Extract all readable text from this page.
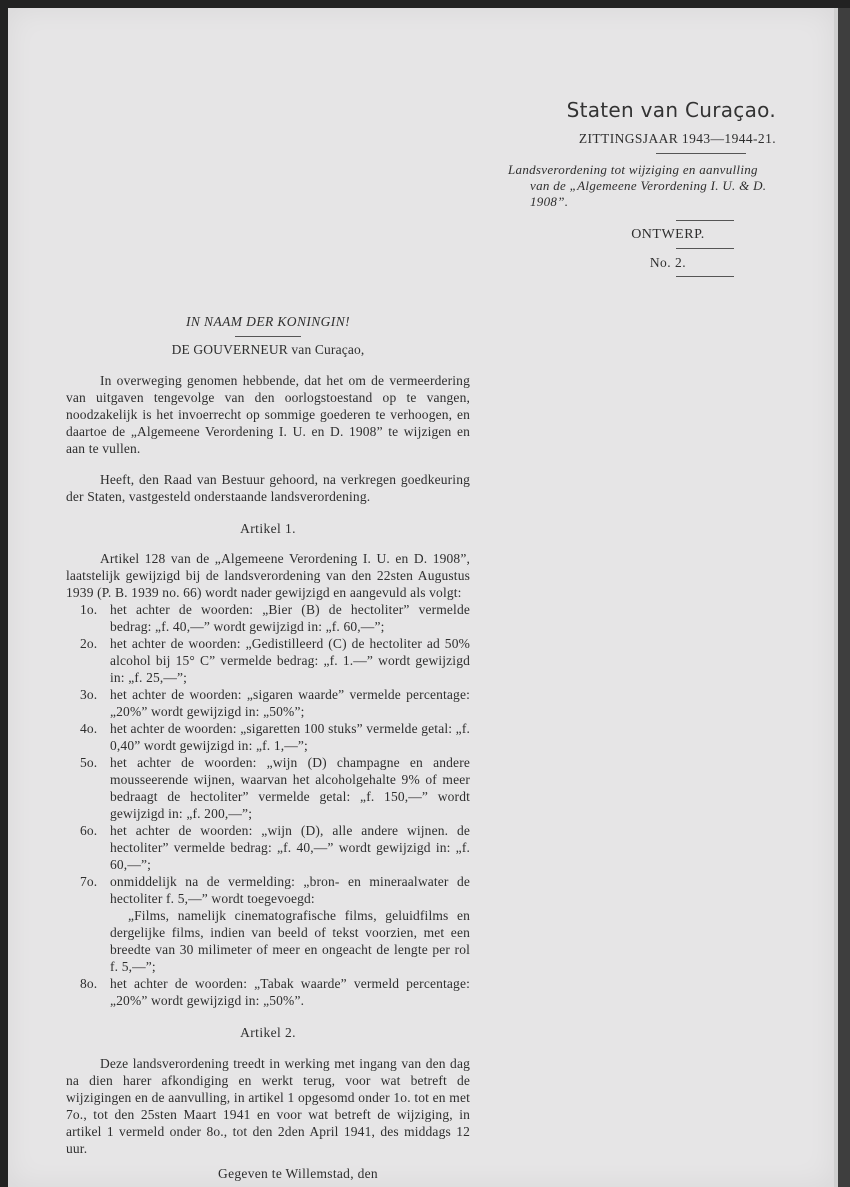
Staten van Curaçao.
ZITTINGSJAAR 1943—1944-21.
Landsverordening tot wijziging en aanvulling
van de „Algemeene Verordening I. U. & D.
1908”.
ONTWERP.
No. 2.
IN NAAM DER KONINGIN!
DE GOUVERNEUR van Curaçao,

In overweging genomen hebbende, dat het om de vermeerdering van uitgaven tengevolge van den oorlogstoestand op te vangen, noodzakelijk is het invoerrecht op sommige goederen te verhoogen, en daartoe de „Algemeene Verordening I. U. en D. 1908” te wijzigen en aan te vullen.

Heeft, den Raad van Bestuur gehoord, na verkregen goedkeuring der Staten, vastgesteld onderstaande landsverordening.

Artikel 1.

Artikel 128 van de „Algemeene Verordening I. U. en D. 1908”, laatstelijk gewijzigd bij de landsverordening van den 22sten Augustus 1939 (P. B. 1939 no. 66) wordt nader gewijzigd en aangevuld als volgt:

1o. het achter de woorden: „Bier (B) de hectoliter” vermelde bedrag: „f. 40,—” wordt gewijzigd in: „f. 60,—”;
2o. het achter de woorden: „Gedistilleerd (C) de hectoliter ad 50% alcohol bij 15° C” vermelde bedrag: „f. 1.—” wordt gewijzigd in: „f. 25,—”;
3o. het achter de woorden: „sigaren waarde” vermelde percentage: „20%” wordt gewijzigd in: „50%”;
4o. het achter de woorden: „sigaretten 100 stuks” vermelde getal: „f. 0,40” wordt gewijzigd in: „f. 1,—”;
5o. het achter de woorden: „wijn (D) champagne en andere mousseerende wijnen, waarvan het alcoholgehalte 9% of meer bedraagt de hectoliter” vermelde getal: „f. 150,—” wordt gewijzigd in: „f. 200,—”;
6o. het achter de woorden: „wijn (D), alle andere wijnen. de hectoliter” vermelde bedrag: „f. 40,—” wordt gewijzigd in: „f. 60,—”;
7o. onmiddelijk na de vermelding: „bron- en mineraalwater de hectoliter f. 5,—” wordt toegevoegd:
„Films, namelijk cinematografische films, geluidfilms en dergelijke films, indien van beeld of tekst voorzien, met een breedte van 30 milimeter of meer en ongeacht de lengte per rol f. 5,—”;
8o. het achter de woorden: „Tabak waarde” vermeld percentage: „20%” wordt gewijzigd in: „50%”.
Artikel 2.

Deze landsverordening treedt in werking met ingang van den dag na dien harer afkondiging en werkt terug, voor wat betreft de wijzigingen en de aanvulling, in artikel 1 opgesomd onder 1o. tot en met 7o., tot den 25sten Maart 1941 en voor wat betreft de wijziging, in artikel 1 vermeld onder 8o., tot den 2den April 1941, des middags 12 uur.

Gegeven te Willemstad, den
